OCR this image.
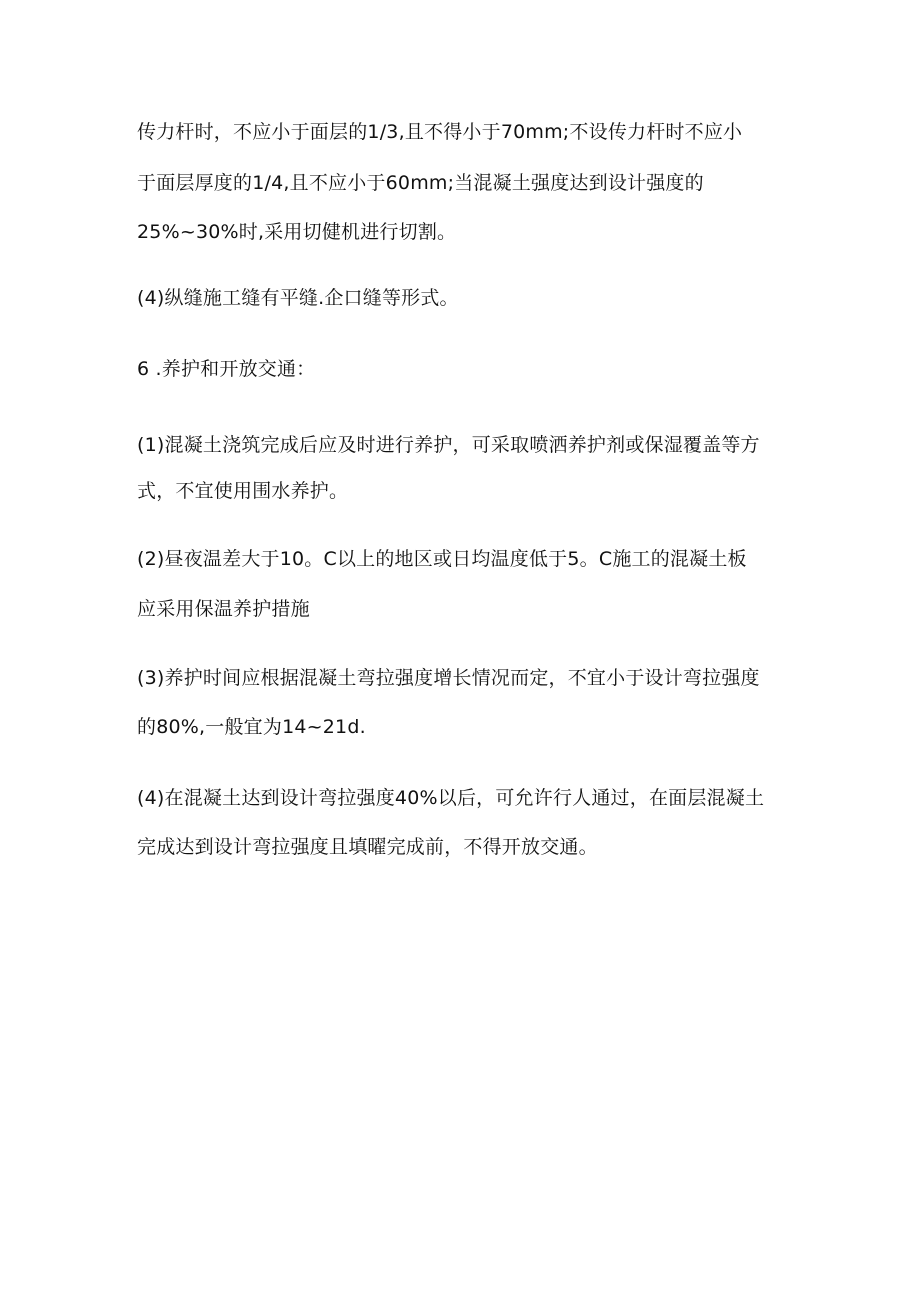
传力杆时，不应小于面层的1/3,且不得小于70mm;不设传力杆时不应小
于面层厚度的1/4,且不应小于60mm;当混凝土强度达到设计强度的
25%~30%时,采用切健机进行切割。
(4)纵缝施工缝有平缝.企口缝等形式。
6 .养护和开放交通：
(1)混凝土浇筑完成后应及时进行养护，可采取喷洒养护剂或保湿覆盖等方
式，不宜使用围水养护。
(2)昼夜温差大于10。C以上的地区或日均温度低于5。C施工的混凝土板
应采用保温养护措施
(3)养护时间应根据混凝土弯拉强度增长情况而定，不宜小于设计弯拉强度
的80%,一般宜为14~21d.
(4)在混凝土达到设计弯拉强度40%以后，可允许行人通过，在面层混凝土
完成达到设计弯拉强度且填曜完成前，不得开放交通。
